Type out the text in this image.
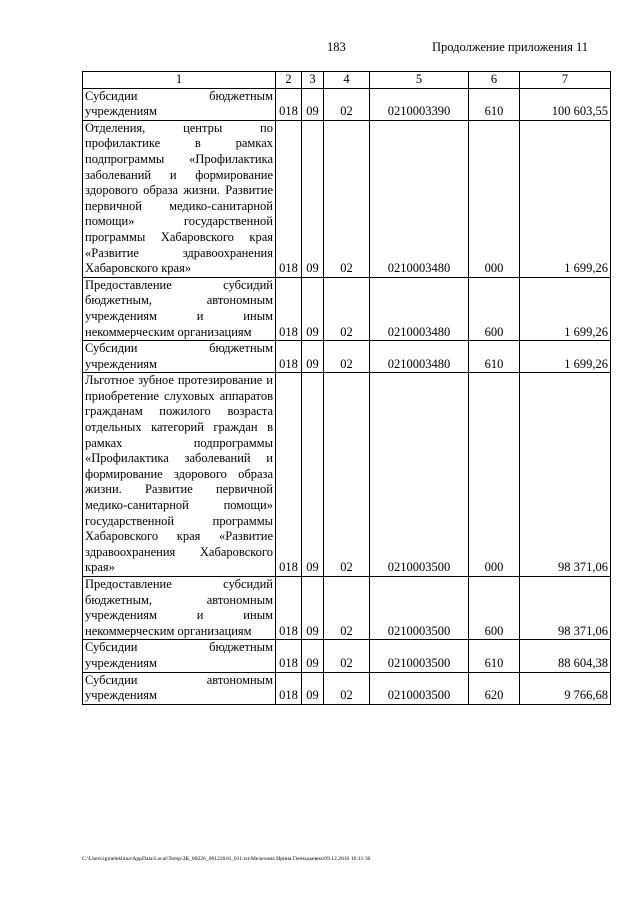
183	Продолжение приложения 11
1	2	3	4	5	6	7
Субсидии бюджетным учреждениям	018	09	02	0210003390	610	100 603,55
Отделения, центры по профилактике в рамках подпрограммы «Профилактика заболеваний и формирование здорового образа жизни. Развитие первичной медико-санитарной помощи» государственной программы Хабаровского края «Развитие здравоохранения Хабаровского края»	018	09	02	0210003480	000	1 699,26
Предоставление субсидий бюджетным, автономным учреждениям и иным некоммерческим организациям	018	09	02	0210003480	600	1 699,26
Субсидии бюджетным учреждениям	018	09	02	0210003480	610	1 699,26
Льготное зубное протезирование и приобретение слуховых аппаратов гражданам пожилого возраста отдельных категорий граждан в рамках подпрограммы «Профилактика заболеваний и формирование здорового образа жизни. Развитие первичной медико-санитарной помощи» государственной программы Хабаровского края «Развитие здравоохранения Хабаровского края»	018	09	02	0210003500	000	98 371,06
Предоставление субсидий бюджетным, автономным учреждениям и иным некоммерческим организациям	018	09	02	0210003500	600	98 371,06
Субсидии бюджетным учреждениям	018	09	02	0210003500	610	88 604,38
Субсидии автономным учреждениям	018	09	02	0210003500	620	9 766,68
C:\Users\igmelekhina\AppData\Local\Temp\ЗК_00226_06122016_011.txt\Мелехина Ирина Геннадьевна\09.12.2016 10:11:30
